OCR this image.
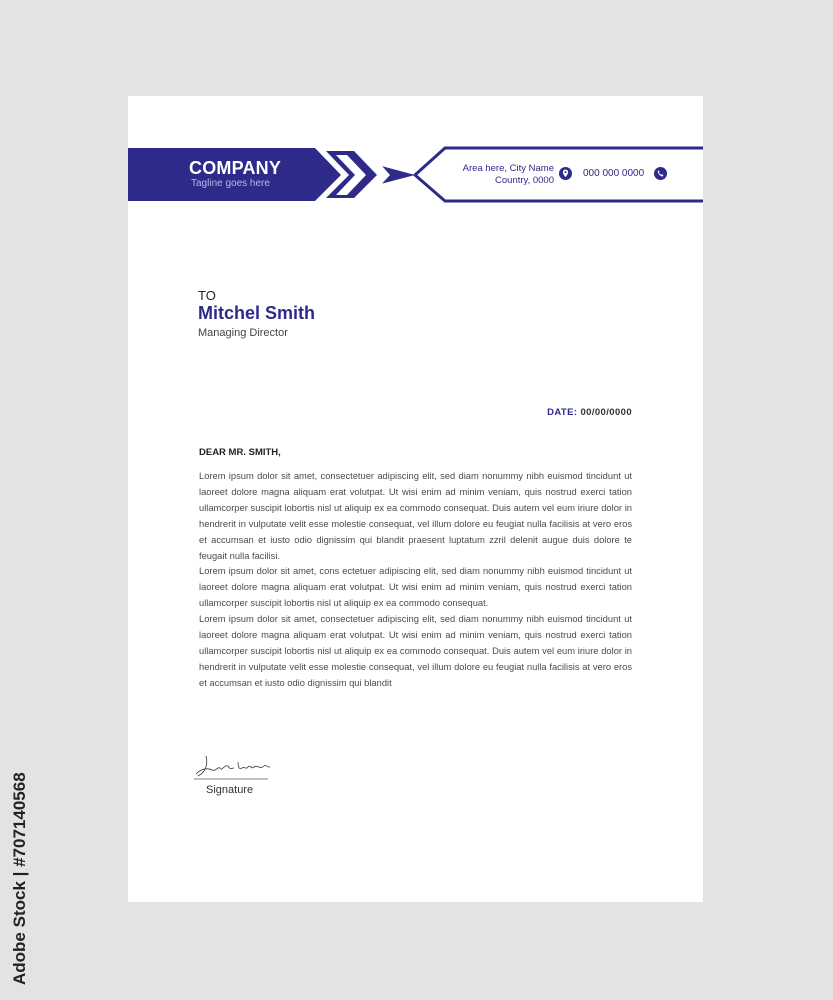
Adobe Stock | #707140568
COMPANY
Tagline goes here
Area here, City Name
Country, 0000
000 000 0000
TO
Mitchel Smith
Managing Director
DATE: 00/00/0000
DEAR MR. SMITH,

Lorem ipsum dolor sit amet, consectetuer adipiscing elit, sed diam nonummy nibh euismod tincidunt ut laoreet dolore magna aliquam erat volutpat. Ut wisi enim ad minim veniam, quis nostrud exerci tation ullamcorper suscipit lobortis nisl ut aliquip ex ea commodo consequat. Duis autem vel eum iriure dolor in hendrerit in vulputate velit esse molestie consequat, vel illum dolore eu feugiat nulla facilisis at vero eros et accumsan et iusto odio dignissim qui blandit praesent luptatum zzril delenit augue duis dolore te feugait nulla facilisi.

Lorem ipsum dolor sit amet, cons ectetuer adipiscing elit, sed diam nonummy nibh euismod tincidunt ut laoreet dolore magna aliquam erat volutpat. Ut wisi enim ad minim veniam, quis nostrud exerci tation ullamcorper suscipit lobortis nisl ut aliquip ex ea commodo consequat.

Lorem ipsum dolor sit amet, consectetuer adipiscing elit, sed diam nonummy nibh euismod tincidunt ut laoreet dolore magna aliquam erat volutpat. Ut wisi enim ad minim veniam, quis nostrud exerci tation ullamcorper suscipit lobortis nisl ut aliquip ex ea commodo consequat. Duis autem vel eum iriure dolor in hendrerit in vulputate velit esse molestie consequat, vel illum dolore eu feugiat nulla facilisis at vero eros et accumsan et iusto odio dignissim qui blandit

Signature
